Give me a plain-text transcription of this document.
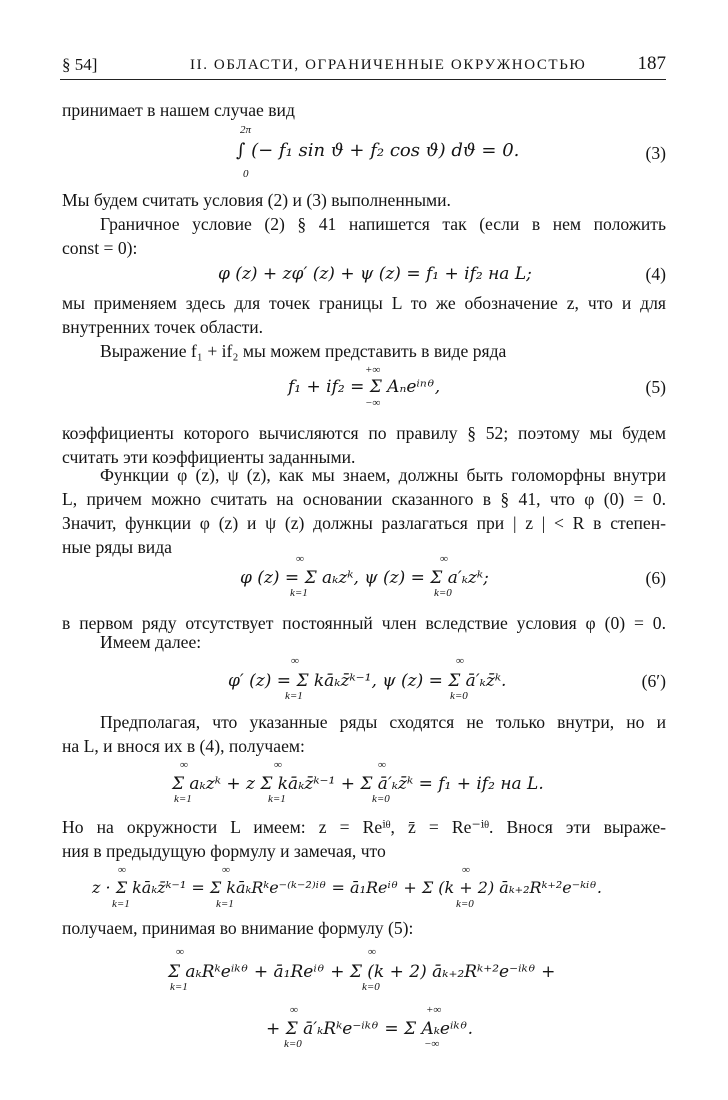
§ 54]	II. ОБЛАСТИ, ОГРАНИЧЕННЫЕ ОКРУЖНОСТЬЮ	187
принимает в нашем случае вид
2π
0
∫ (− f₁ sin ϑ + f₂ cos ϑ) dϑ = 0.	(3)
Мы будем считать условия (2) и (3) выполненными.
Граничное условие (2) § 41 напишется так (если в нем положить
const = 0):
φ (z) + zφ′ (z) + ψ (z) = f₁ + if₂ на L;	(4)
мы применяем здесь для точек границы L то же обозначение z, что и для
внутренних точек области.
Выражение f₁ + if₂ мы можем представить в виде ряда
+∞
−∞
f₁ + if₂ = Σ Aₙeⁱⁿᶿ,	(5)
коэффициенты которого вычисляются по правилу § 52; поэтому мы будем
считать эти коэффициенты заданными.
Функции φ (z), ψ (z), как мы знаем, должны быть голоморфны внутри
L, причем можно считать на основании сказанного в § 41, что φ (0) = 0.
Значит, функции φ (z) и ψ (z) должны разлагаться при | z | < R в степен-
ные ряды вида
∞
k=1
∞
k=0
φ (z) = Σ aₖzᵏ, ψ (z) = Σ a′ₖzᵏ;	(6)
в первом ряду отсутствует постоянный член вследствие условия φ (0) = 0.
Имеем далее:
∞
k=1
∞
k=0
φ′ (z) = Σ kāₖz̄ᵏ⁻¹, ψ (z) = Σ ā′ₖz̄ᵏ.	(6′)
Предполагая, что указанные ряды сходятся не только внутри, но и
на L, и внося их в (4), получаем:
∞
k=1
∞
k=1
∞
k=0
Σ aₖzᵏ + z Σ kāₖz̄ᵏ⁻¹ + Σ ā′ₖz̄ᵏ = f₁ + if₂ на L.
Но на окружности L имеем: z = Reⁱᶿ, z̄ = Re⁻ⁱᶿ. Внося эти выраже-
ния в предыдущую формулу и замечая, что
∞
k=1
∞
k=1
∞
k=0
z · Σ kāₖz̄ᵏ⁻¹ = Σ kāₖRᵏe⁻⁽ᵏ⁻²⁾ⁱᶿ = ā₁Reⁱᶿ + Σ (k + 2) āₖ₊₂Rᵏ⁺²e⁻ᵏⁱᶿ.
получаем, принимая во внимание формулу (5):
∞
k=1
∞
k=0
Σ aₖRᵏeⁱᵏᶿ + ā₁Reⁱᶿ + Σ (k + 2) āₖ₊₂Rᵏ⁺²e⁻ⁱᵏᶿ +
∞
k=0
+∞
−∞
+ Σ ā′ₖRᵏe⁻ⁱᵏᶿ = Σ Aₖeⁱᵏᶿ.
